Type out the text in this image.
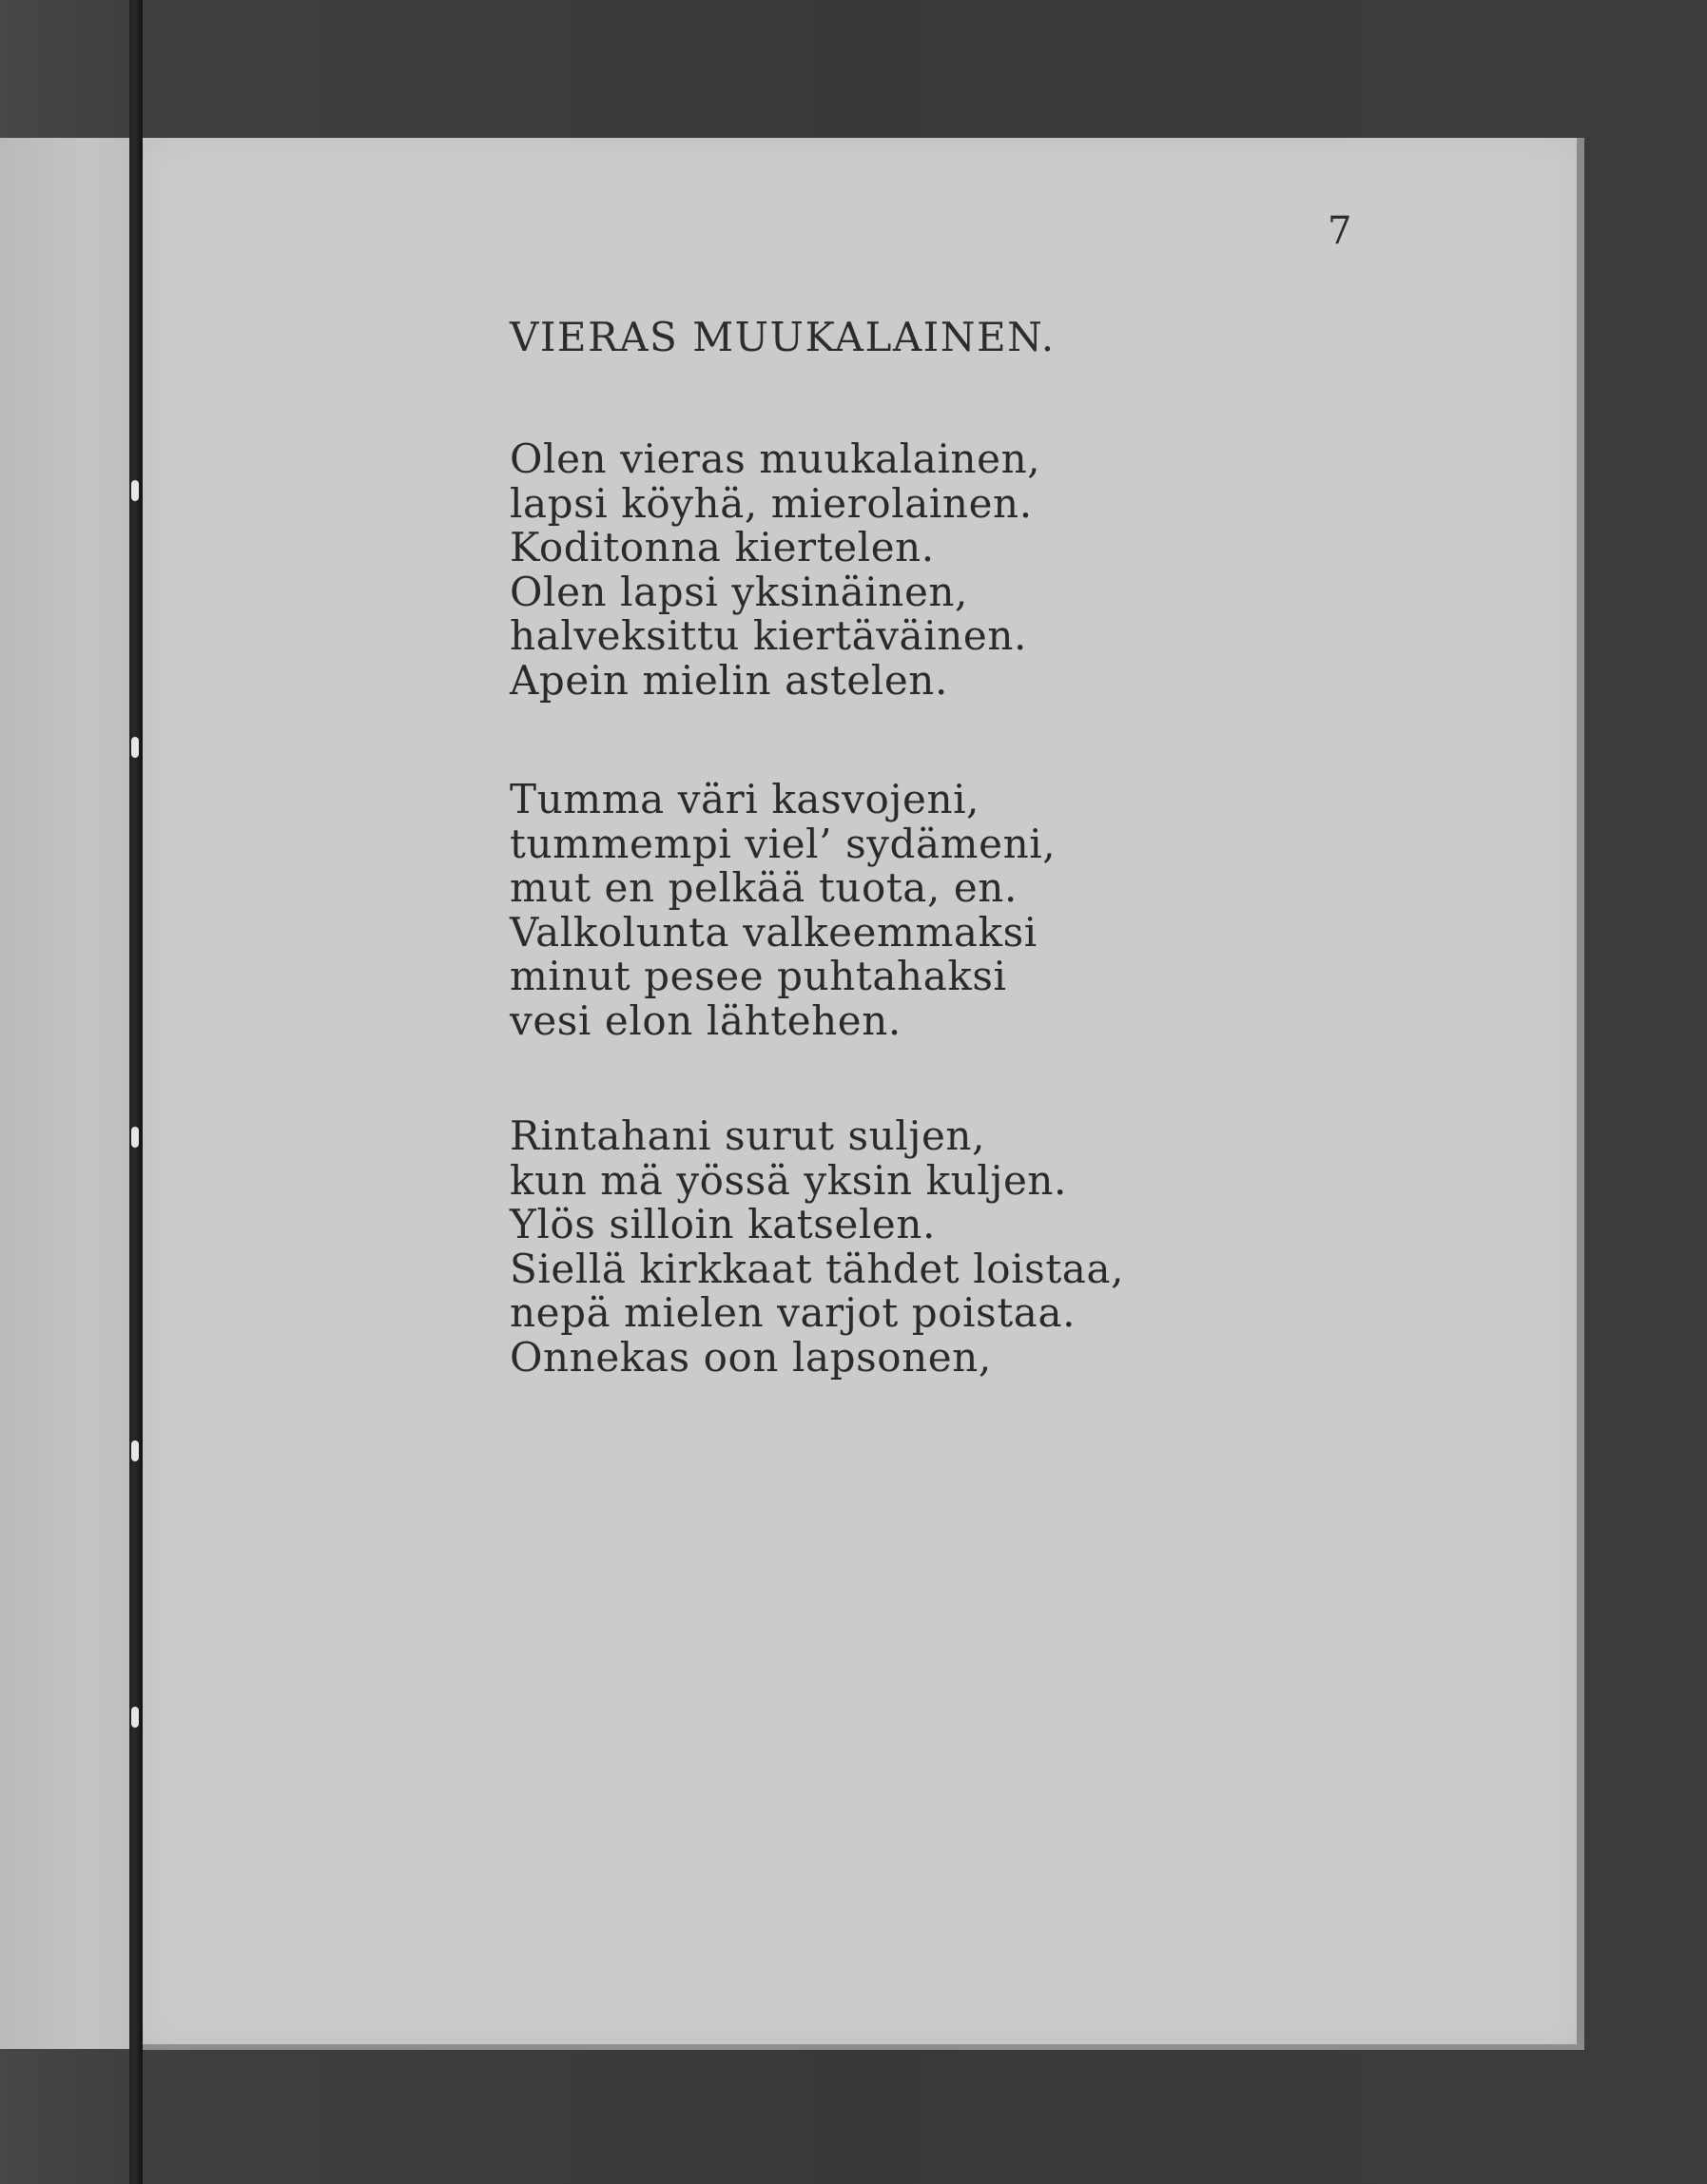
7
VIERAS MUUKALAINEN.
Olen vieras muukalainen,
lapsi köyhä, mierolainen.
Koditonna kiertelen.
Olen lapsi yksinäinen,
halveksittu kiertäväinen.
Apein mielin astelen.
Tumma väri kasvojeni,
tummempi viel’ sydämeni,
mut en pelkää tuota, en.
Valkolunta valkeemmaksi
minut pesee puhtahaksi
vesi elon lähtehen.
Rintahani surut suljen,
kun mä yössä yksin kuljen.
Ylös silloin katselen.
Siellä kirkkaat tähdet loistaa,
nepä mielen varjot poistaa.
Onnekas oon lapsonen,
